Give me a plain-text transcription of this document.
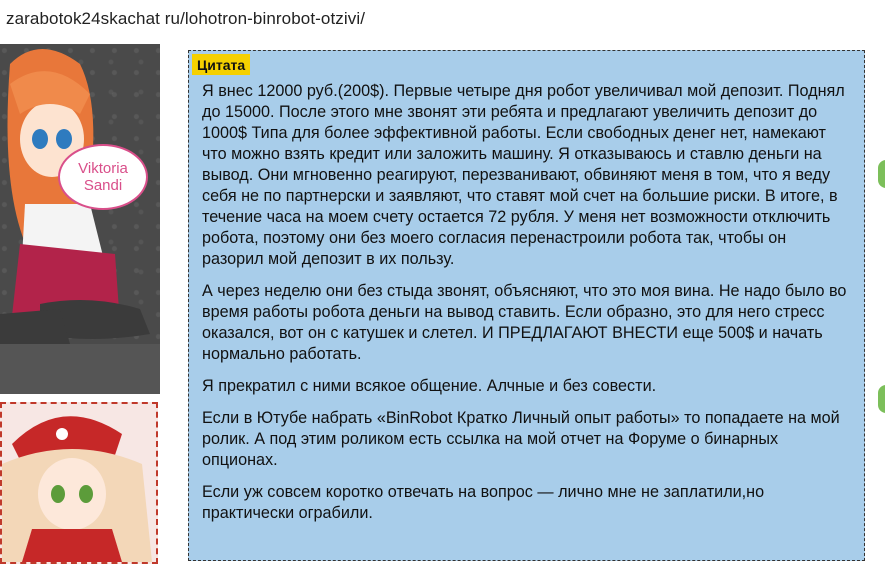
zarabotok24skachat ru/lohotron-binrobot-otzivi/
Viktoria
Sandi
Цитата

Я внес 12000 руб.(200$). Первые четыре дня робот увеличивал мой депозит. Поднял до 15000. После этого мне звонят эти ребята и предлагают увеличить депозит до 1000$ Типа для более эффективной работы. Если свободных денег нет, намекают что можно взять кредит или заложить машину. Я отказываюсь и ставлю деньги на вывод. Они мгновенно реагируют, перезванивают, обвиняют меня в том, что я веду себя не по партнерски и заявляют, что ставят мой счет на большие риски. В итоге, в течение часа на моем счету остается 72 рубля. У меня нет возможности отключить робота, поэтому они без моего согласия перенастроили робота так, чтобы он разорил мой депозит в их пользу.

А через неделю они без стыда звонят, объясняют, что это моя вина. Не надо было во время работы робота деньги на вывод ставить. Если образно, это для него стресс оказался, вот он с катушек и слетел. И ПРЕДЛАГАЮТ ВНЕСТИ еще 500$ и начать нормально работать.

Я прекратил с ними всякое общение. Алчные и без совести.

Если в Ютубе набрать «BinRobot Кратко Личный опыт работы» то попадаете на мой ролик. А под этим роликом есть ссылка на мой отчет на Форуме о бинарных опционах.

Если уж совсем коротко отвечать на вопрос — лично мне не заплатили,но практически ограбили.
